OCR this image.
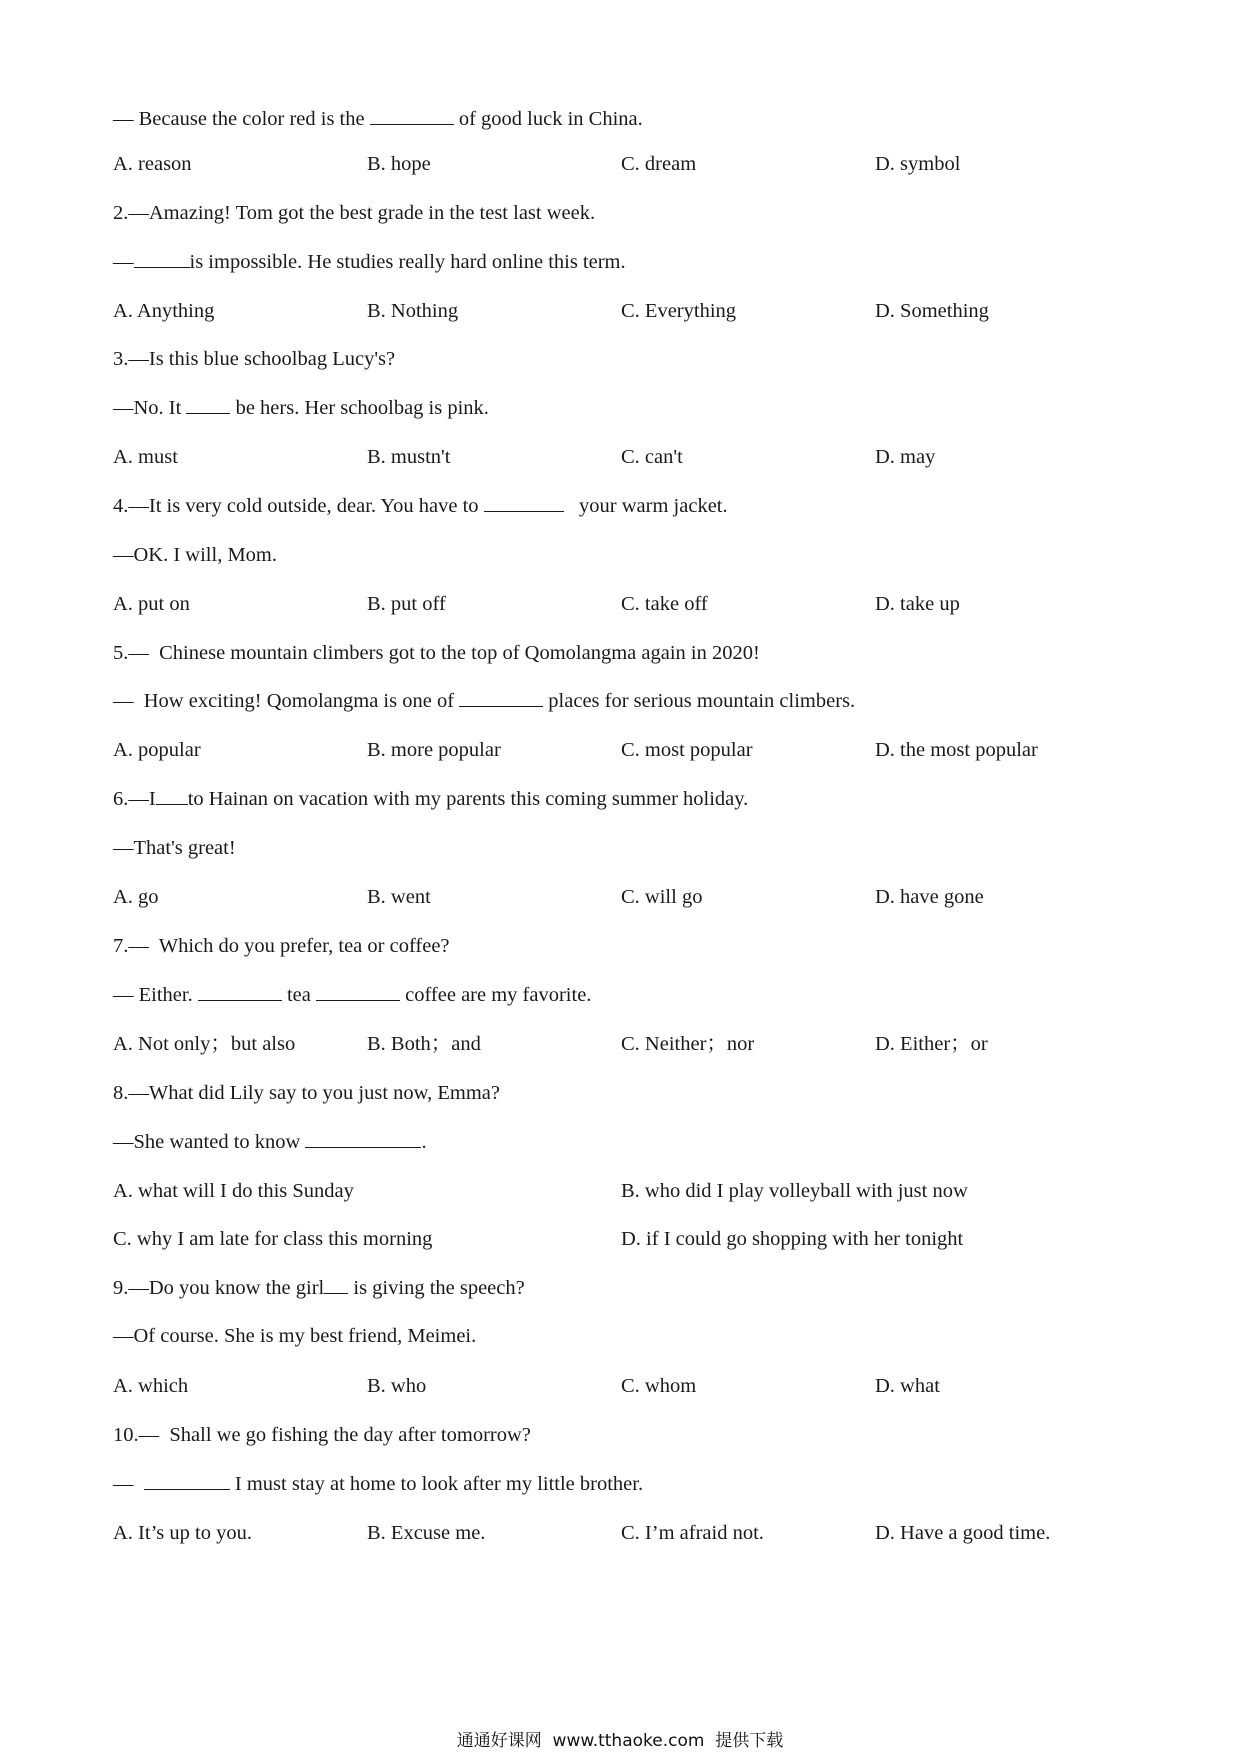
— Because the color red is the	of good luck in China.
A. reason	B. hope	C. dream	D. symbol
2.—Amazing! Tom got the best grade in the test last week.
—	is impossible. He studies really hard online this term.
A. Anything	B. Nothing	C. Everything	D. Something
3.—Is this blue schoolbag Lucy's?
—No. It  be hers. Her schoolbag is pink.
A. must	B. mustn't	C. can't	D. may
4.—It is very cold outside, dear. You have to	your warm jacket.
—OK. I will, Mom.
A. put on	B. put off	C. take off	D. take up
5.—  Chinese mountain climbers got to the top of Qomolangma again in 2020!
—  How exciting! Qomolangma is one of	places for serious mountain climbers.
A. popular	B. more popular	C. most popular	D. the most popular
6.—I to Hainan on vacation with my parents this coming summer holiday.
—That's great!
A. go	B. went	C. will go	D. have gone
7.—  Which do you prefer, tea or coffee?
— Either.	tea	coffee are my favorite.
A. Not only；but also	B. Both；and	C. Neither；nor	D. Either；or
8.—What did Lily say to you just now, Emma?
—She wanted to know	.
A. what will I do this Sunday	B. who did I play volleyball with just now
C. why I am late for class this morning	D. if I could go shopping with her tonight
9.—Do you know the girl is giving the speech?
—Of course. She is my best friend, Meimei.
A. which	B. who	C. whom	D. what
10.—  Shall we go fishing the day after tomorrow?
—	I must stay at home to look after my little brother.
A. It’s up to you.	B. Excuse me.	C. I’m afraid not.	D. Have a good time.
通通好课网  www.tthaoke.com  提供下载
